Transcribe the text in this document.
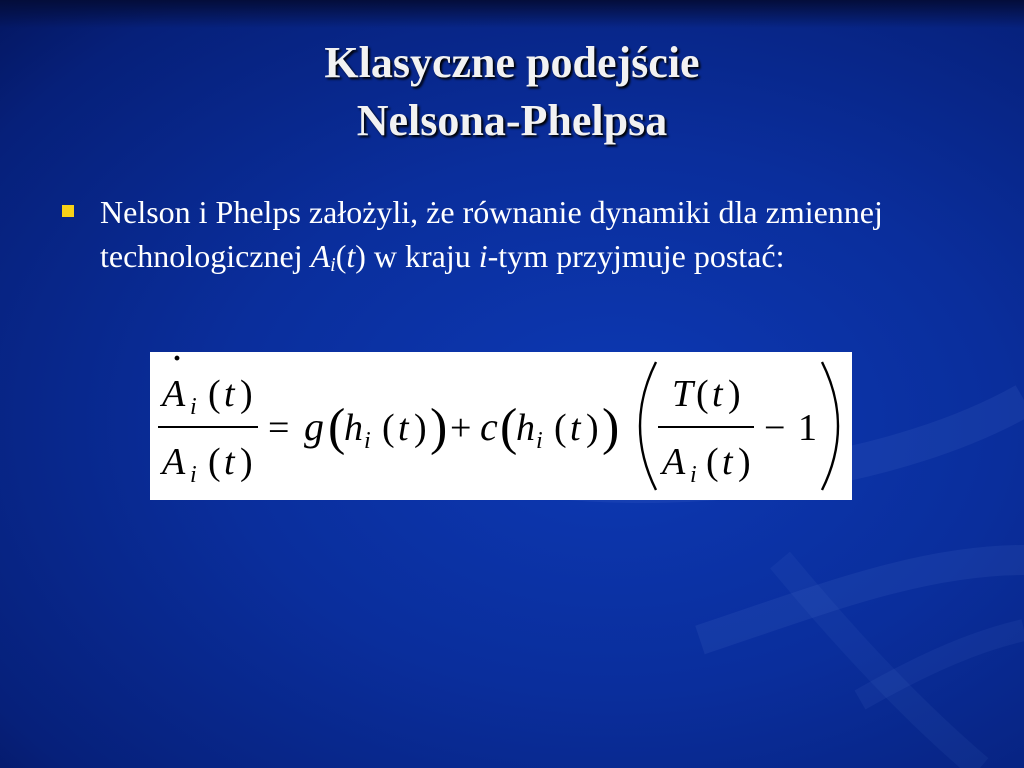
Klasyczne podejście
Nelsona-Phelpsa
Nelson i Phelps założyli, że równanie dynamiki dla zmiennej technologicznej $A_i(t)$ w kraju i-tym przyjmuje postać:
·
A i ( t )
A i ( t )
= g (
h i ( t ) ) + c (
h i ( t ) )
T ( t )
A i ( t )
− 1
